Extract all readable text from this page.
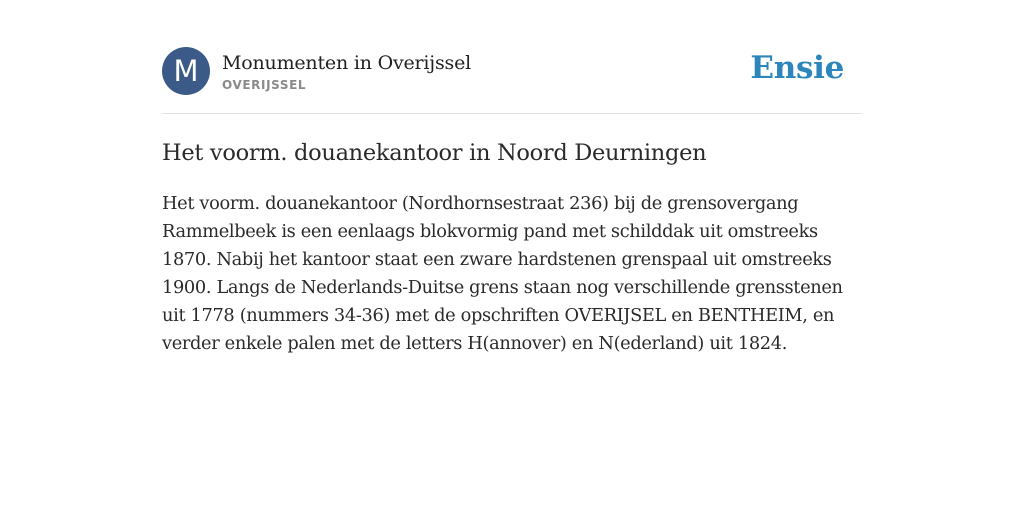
M	Monumenten in Overijssel
OVERIJSSEL	Ensie
Het voorm. douanekantoor in Noord Deurningen
Het voorm. douanekantoor (Nordhornsestraat 236) bij de grensovergang Rammelbeek is een eenlaags blokvormig pand met schilddak uit omstreeks 1870. Nabij het kantoor staat een zware hardstenen grenspaal uit omstreeks 1900. Langs de Nederlands-Duitse grens staan nog verschillende grensstenen uit 1778 (nummers 34-36) met de opschriften OVERIJSEL en BENTHEIM, en verder enkele palen met de letters H(annover) en N(ederland) uit 1824.
